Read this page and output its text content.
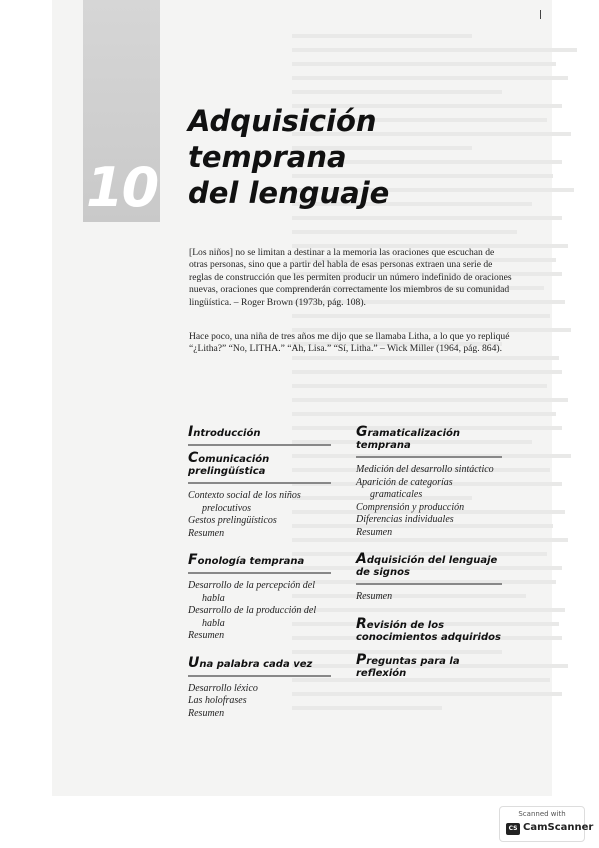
10
Adquisición
temprana
del lenguaje

[Los niños] no se limitan a destinar a la memoria las oraciones que escuchan de otras personas, sino que a partir del habla de esas personas extraen una serie de reglas de construcción que les permiten producir un número indefinido de oraciones nuevas, oraciones que comprenderán correctamente los miembros de su comunidad lingüística. – Roger Brown (1973b, pág. 108).

Hace poco, una niña de tres años me dijo que se llamaba Litha, a lo que yo repliqué “¿Litha?” “No, LITHA.” “Ah, Lisa.” “Sí, Litha.” – Wick Miller (1964, pág. 864).

Introducción
Comunicación prelingüística
Contexto social de los niños
prelocutivos
Gestos prelingüísticos
Resumen
Fonología temprana
Desarrollo de la percepción del
habla
Desarrollo de la producción del
habla
Resumen
Una palabra cada vez
Desarrollo léxico
Las holofrases
Resumen
Gramaticalización temprana
Medición del desarrollo sintáctico
Aparición de categorías
gramaticales
Comprensión y producción
Diferencias individuales
Resumen
Adquisición del lenguaje de signos
Resumen
Revisión de los conocimientos adquiridos
Preguntas para la reflexión
Scanned with
CS CamScanner
